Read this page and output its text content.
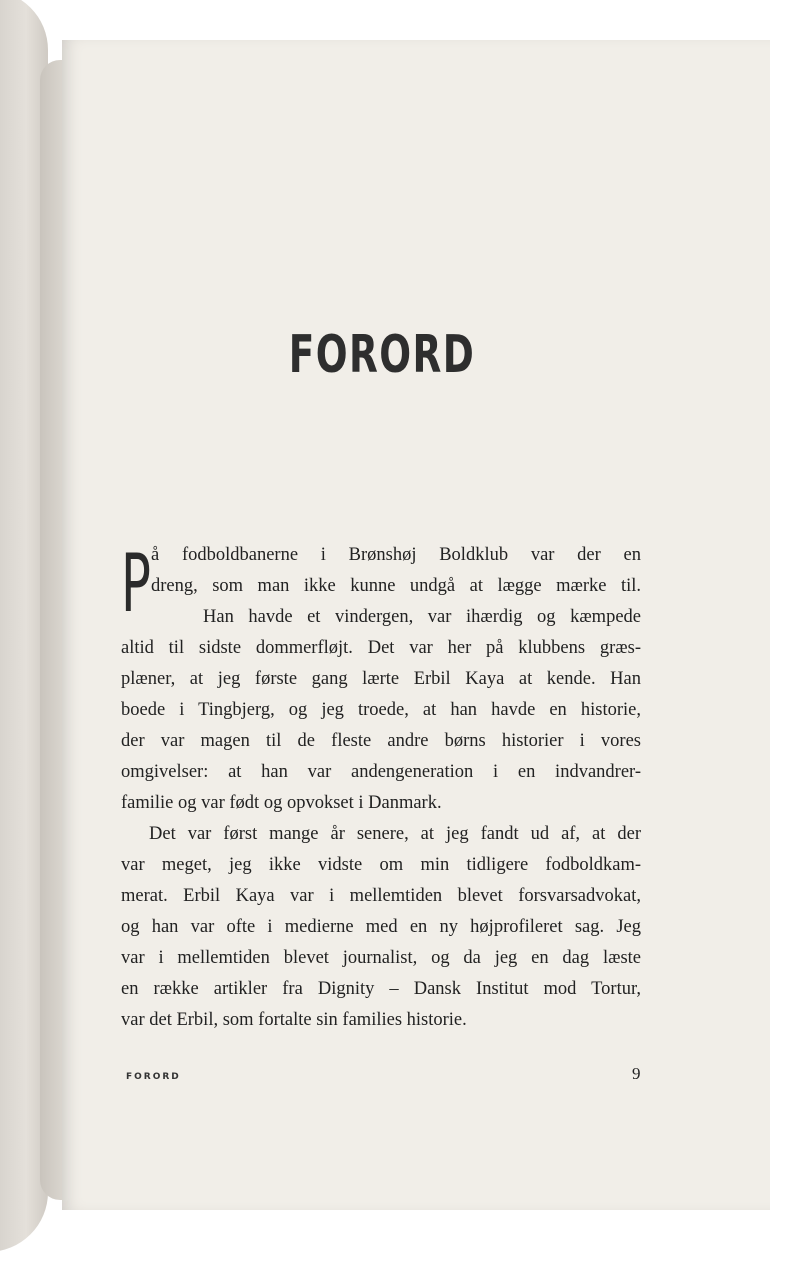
FORORD
P å fodboldbanerne i Brønshøj Boldklub var der en
dreng, som man ikke kunne undgå at lægge mærke til.
Han havde et vindergen, var ihærdig og kæmpede
altid til sidste dommerfløjt. Det var her på klubbens græs-
plæner, at jeg første gang lærte Erbil Kaya at kende. Han
boede i Tingbjerg, og jeg troede, at han havde en historie,
der var magen til de fleste andre børns historier i vores
omgivelser: at han var andengeneration i en indvandrer-
familie og var født og opvokset i Danmark.
Det var først mange år senere, at jeg fandt ud af, at der
var meget, jeg ikke vidste om min tidligere fodboldkam-
merat. Erbil Kaya var i mellemtiden blevet forsvarsadvokat,
og han var ofte i medierne med en ny højprofileret sag. Jeg
var i mellemtiden blevet journalist, og da jeg en dag læste
en række artikler fra Dignity – Dansk Institut mod Tortur,
var det Erbil, som fortalte sin families historie.
FORORD	9
